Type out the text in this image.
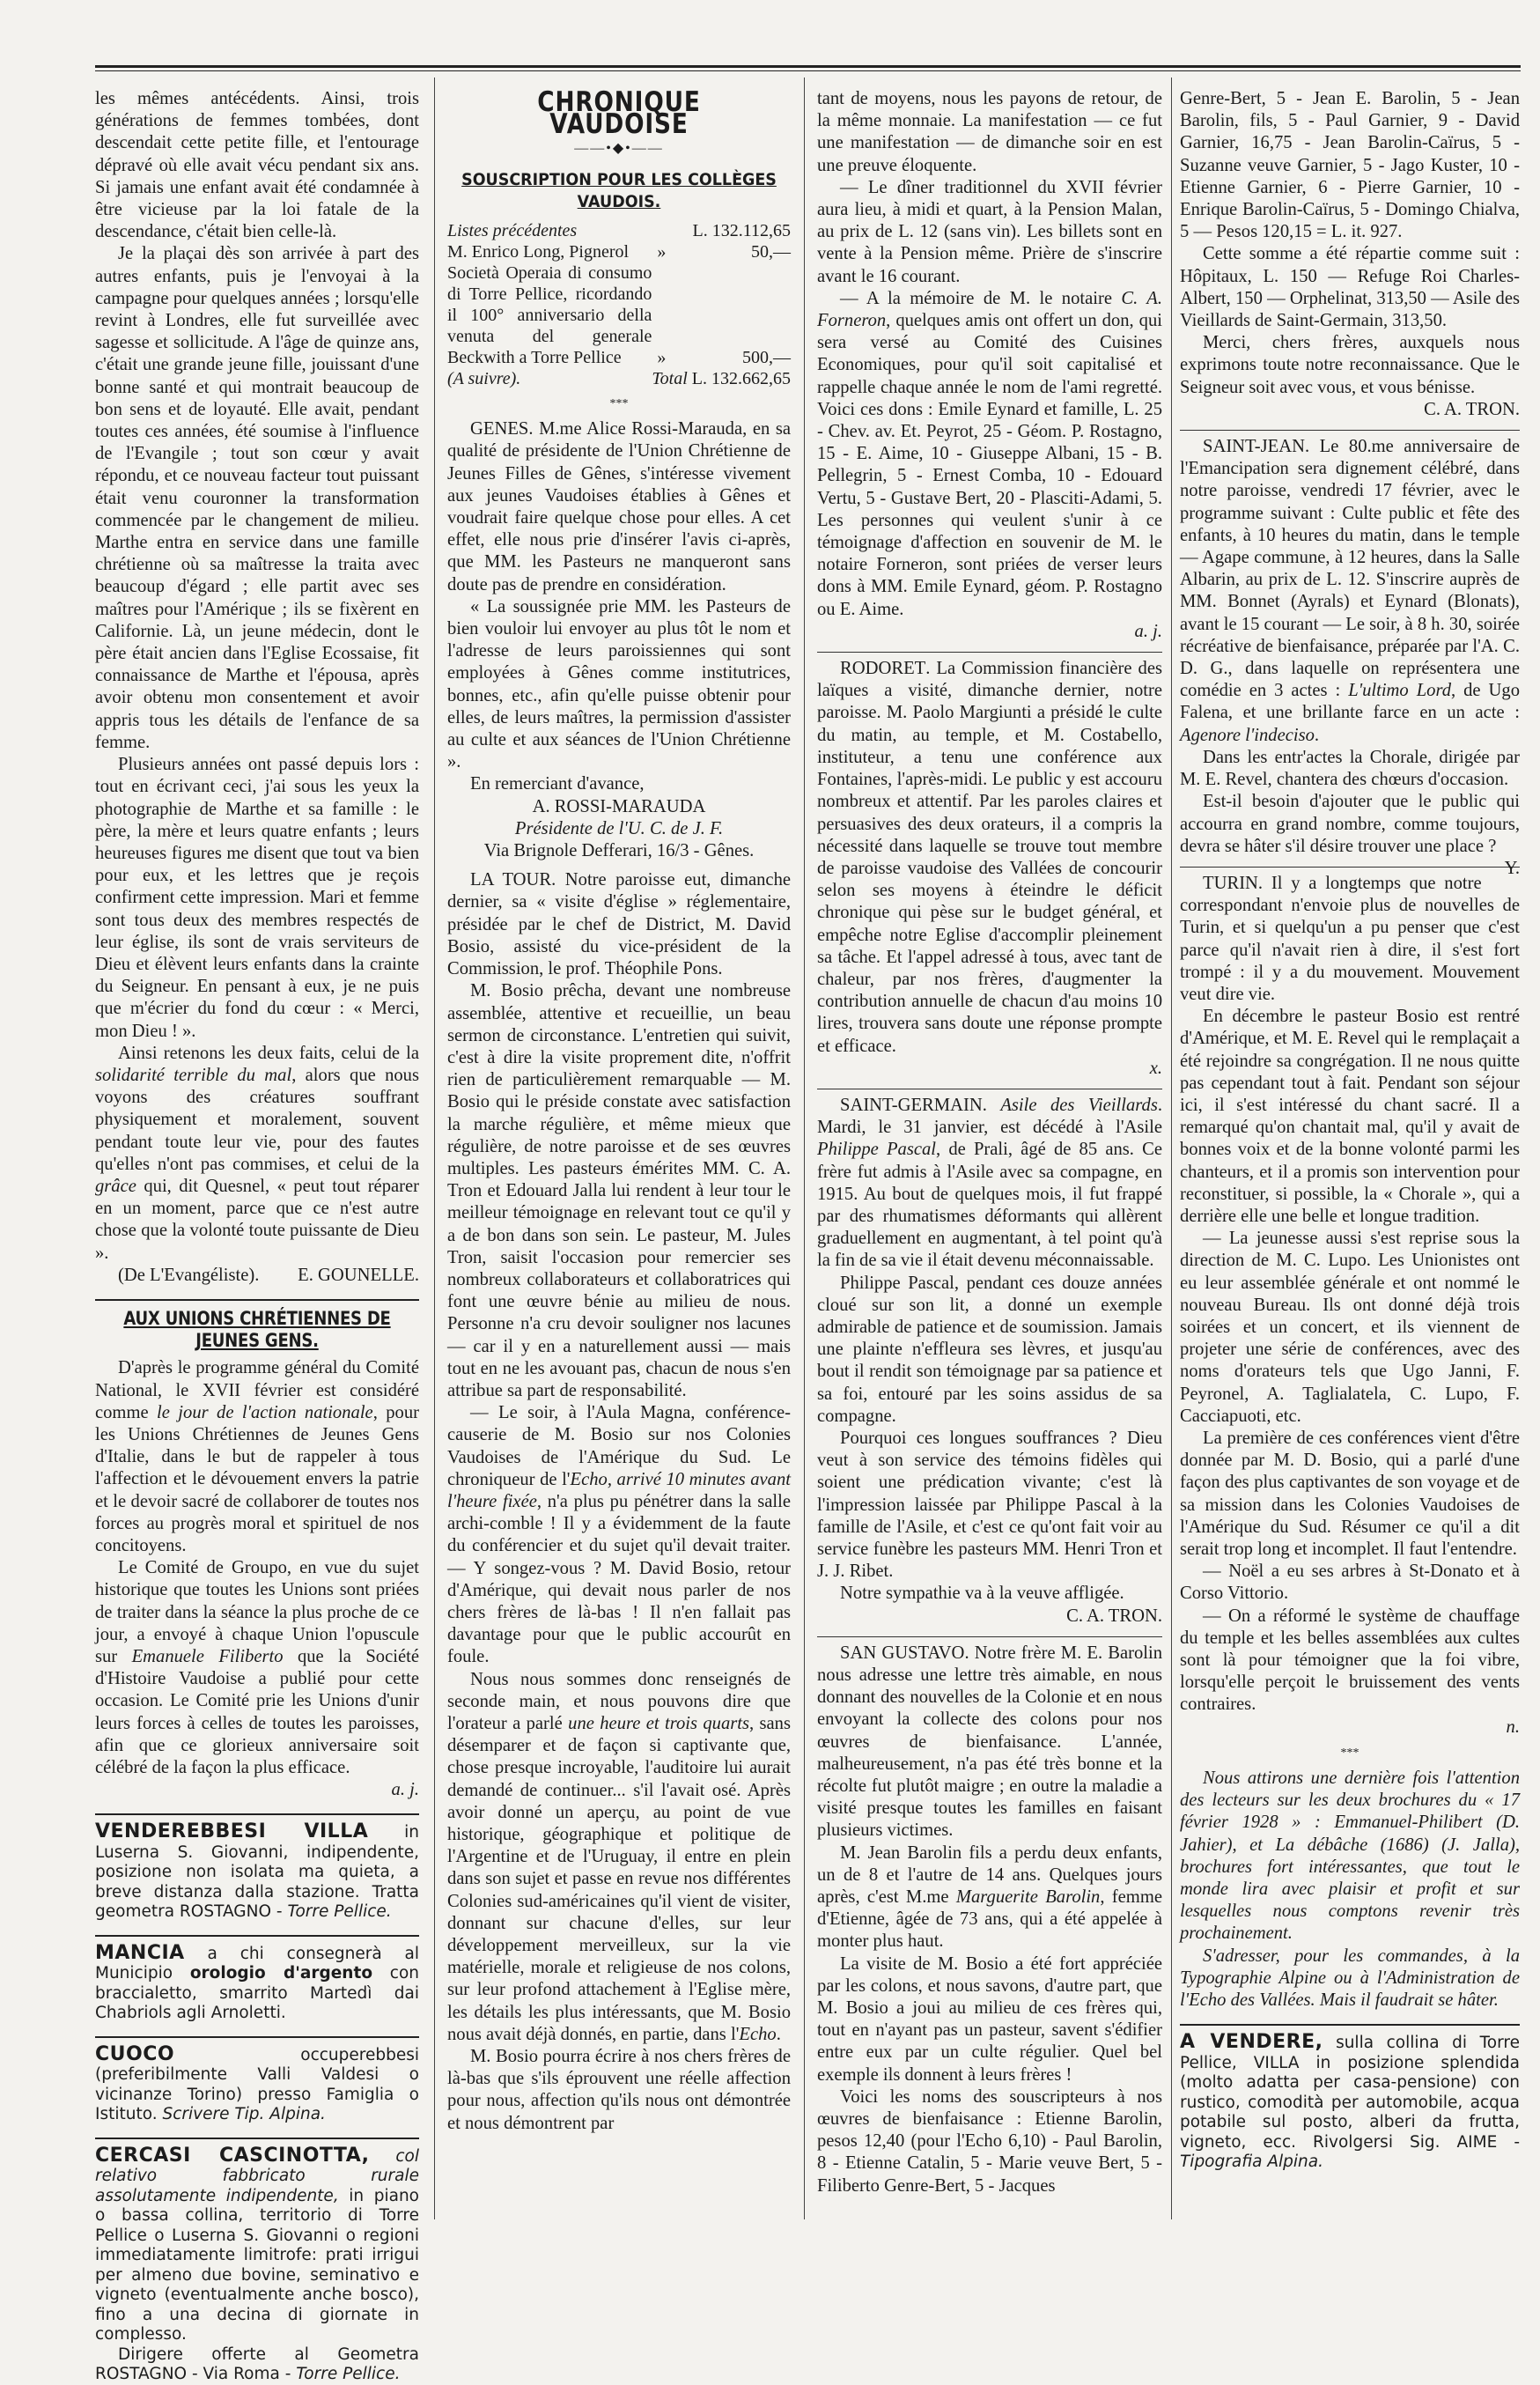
les mêmes antécédents. Ainsi, trois générations de femmes tombées, dont descendait cette petite fille, et l'entourage dépravé où elle avait vécu pendant six ans. Si jamais une enfant avait été condamnée à être vicieuse par la loi fatale de la descendance, c'était bien celle-là.

Je la plaçai dès son arrivée à part des autres enfants, puis je l'envoyai à la campagne pour quelques années ; lorsqu'elle revint à Londres, elle fut surveillée avec sagesse et sollicitude. A l'âge de quinze ans, c'était une grande jeune fille, jouissant d'une bonne santé et qui montrait beaucoup de bon sens et de loyauté. Elle avait, pendant toutes ces années, été soumise à l'influence de l'Evangile ; tout son cœur y avait répondu, et ce nouveau facteur tout puissant était venu couronner la transformation commencée par le changement de milieu. Marthe entra en service dans une famille chrétienne où sa maîtresse la traita avec beaucoup d'égard ; elle partit avec ses maîtres pour l'Amérique ; ils se fixèrent en Californie. Là, un jeune médecin, dont le père était ancien dans l'Eglise Ecossaise, fit connaissance de Marthe et l'épousa, après avoir obtenu mon consentement et avoir appris tous les détails de l'enfance de sa femme.

Plusieurs années ont passé depuis lors : tout en écrivant ceci, j'ai sous les yeux la photographie de Marthe et sa famille : le père, la mère et leurs quatre enfants ; leurs heureuses figures me disent que tout va bien pour eux, et les lettres que je reçois confirment cette impression. Mari et femme sont tous deux des membres respectés de leur église, ils sont de vrais serviteurs de Dieu et élèvent leurs enfants dans la crainte du Seigneur. En pensant à eux, je ne puis que m'écrier du fond du cœur : « Merci, mon Dieu ! ».

Ainsi retenons les deux faits, celui de la solidarité terrible du mal, alors que nous voyons des créatures souffrant physiquement et moralement, souvent pendant toute leur vie, pour des fautes qu'elles n'ont pas commises, et celui de la grâce qui, dit Quesnel, « peut tout réparer en un moment, parce que ce n'est autre chose que la volonté toute puissante de Dieu ».

(De L'Evangéliste).	E. GOUNELLE.

AUX UNIONS CHRÉTIENNES DE JEUNES GENS.

D'après le programme général du Comité National, le XVII février est considéré comme le jour de l'action nationale, pour les Unions Chrétiennes de Jeunes Gens d'Italie, dans le but de rappeler à tous l'affection et le dévouement envers la patrie et le devoir sacré de collaborer de toutes nos forces au progrès moral et spirituel de nos concitoyens.

Le Comité de Groupo, en vue du sujet historique que toutes les Unions sont priées de traiter dans la séance la plus proche de ce jour, a envoyé à chaque Union l'opuscule sur Emanuele Filiberto que la Société d'Histoire Vaudoise a publié pour cette occasion. Le Comité prie les Unions d'unir leurs forces à celles de toutes les paroisses, afin que ce glorieux anniversaire soit célébré de la façon la plus efficace.

a. j.

VENDEREBBESI VILLA in Luserna S. Giovanni, indipendente, posizione non isolata ma quieta, a breve distanza dalla stazione. Tratta geometra ROSTAGNO - Torre Pellice.

MANCIA a chi consegnerà al Municipio orologio d'argento con braccialetto, smarrito Martedì dai Chabriols agli Arnoletti.

CUOCO occuperebbesi (preferibilmente Valli Valdesi o vicinanze Torino) presso Famiglia o Istituto. Scrivere Tip. Alpina.

CERCASI CASCINOTTA, col relativo fabbricato rurale assolutamente indipendente, in piano o bassa collina, territorio di Torre Pellice o Luserna S. Giovanni o regioni immediatamente limitrofe: prati irrigui per almeno due bovine, seminativo e vigneto (eventualmente anche bosco), fino a una decina di giornate in complesso.

Dirigere offerte al Geometra ROSTAGNO - Via Roma - Torre Pellice.

CHRONIQUE VAUDOISE

——•◆•——

SOUSCRIPTION POUR LES COLLÈGES VAUDOIS.

Listes précédentes		L. 132.112,65
M. Enrico Long, Pignerol	»	50,—
Società Operaia di consumo di Torre Pellice, ricordando il 100° anniversario della venuta del generale Beckwith a Torre Pellice	»	500,—
(A suivre).	Total L. 132.662,65	

***

GENES. M.me Alice Rossi-Marauda, en sa qualité de présidente de l'Union Chrétienne de Jeunes Filles de Gênes, s'intéresse vivement aux jeunes Vaudoises établies à Gênes et voudrait faire quelque chose pour elles. A cet effet, elle nous prie d'insérer l'avis ci-après, que MM. les Pasteurs ne manqueront sans doute pas de prendre en considération.

« La soussignée prie MM. les Pasteurs de bien vouloir lui envoyer au plus tôt le nom et l'adresse de leurs paroissiennes qui sont employées à Gênes comme institutrices, bonnes, etc., afin qu'elle puisse obtenir pour elles, de leurs maîtres, la permission d'assister au culte et aux séances de l'Union Chrétienne ».

En remerciant d'avance,

A. ROSSI-MARAUDA

Présidente de l'U. C. de J. F.

Via Brignole Defferari, 16/3 - Gênes.

LA TOUR. Notre paroisse eut, dimanche dernier, sa « visite d'église » réglementaire, présidée par le chef de District, M. David Bosio, assisté du vice-président de la Commission, le prof. Théophile Pons.

M. Bosio prêcha, devant une nombreuse assemblée, attentive et recueillie, un beau sermon de circonstance. L'entretien qui suivit, c'est à dire la visite proprement dite, n'offrit rien de particulièrement remarquable — M. Bosio qui le préside constate avec satisfaction la marche régulière, et même mieux que régulière, de notre paroisse et de ses œuvres multiples. Les pasteurs émérites MM. C. A. Tron et Edouard Jalla lui rendent à leur tour le meilleur témoignage en relevant tout ce qu'il y a de bon dans son sein. Le pasteur, M. Jules Tron, saisit l'occasion pour remercier ses nombreux collaborateurs et collaboratrices qui font une œuvre bénie au milieu de nous. Personne n'a cru devoir souligner nos lacunes — car il y en a naturellement aussi — mais tout en ne les avouant pas, chacun de nous s'en attribue sa part de responsabilité.

— Le soir, à l'Aula Magna, conférence-causerie de M. Bosio sur nos Colonies Vaudoises de l'Amérique du Sud. Le chroniqueur de l'Echo, arrivé 10 minutes avant l'heure fixée, n'a plus pu pénétrer dans la salle archi-comble ! Il y a évidemment de la faute du conférencier et du sujet qu'il devait traiter. — Y songez-vous ? M. David Bosio, retour d'Amérique, qui devait nous parler de nos chers frères de là-bas ! Il n'en fallait pas davantage pour que le public accourût en foule.

Nous nous sommes donc renseignés de seconde main, et nous pouvons dire que l'orateur a parlé une heure et trois quarts, sans désemparer et de façon si captivante que, chose presque incroyable, l'auditoire lui aurait demandé de continuer... s'il l'avait osé. Après avoir donné un aperçu, au point de vue historique, géographique et politique de l'Argentine et de l'Uruguay, il entre en plein dans son sujet et passe en revue nos différentes Colonies sud-américaines qu'il vient de visiter, donnant sur chacune d'elles, sur leur développement merveilleux, sur la vie matérielle, morale et religieuse de nos colons, sur leur profond attachement à l'Eglise mère, les détails les plus intéressants, que M. Bosio nous avait déjà donnés, en partie, dans l'Echo.

M. Bosio pourra écrire à nos chers frères de là-bas que s'ils éprouvent une réelle affection pour nous, affection qu'ils nous ont démontrée et nous démontrent par

tant de moyens, nous les payons de retour, de la même monnaie. La manifestation — ce fut une manifestation — de dimanche soir en est une preuve éloquente.

— Le dîner traditionnel du XVII février aura lieu, à midi et quart, à la Pension Malan, au prix de L. 12 (sans vin). Les billets sont en vente à la Pension même. Prière de s'inscrire avant le 16 courant.

— A la mémoire de M. le notaire C. A. Forneron, quelques amis ont offert un don, qui sera versé au Comité des Cuisines Economiques, pour qu'il soit capitalisé et rappelle chaque année le nom de l'ami regretté. Voici ces dons : Emile Eynard et famille, L. 25 - Chev. av. Et. Peyrot, 25 - Géom. P. Rostagno, 15 - E. Aime, 10 - Giuseppe Albani, 15 - B. Pellegrin, 5 - Ernest Comba, 10 - Edouard Vertu, 5 - Gustave Bert, 20 - Plasciti-Adami, 5. Les personnes qui veulent s'unir à ce témoignage d'affection en souvenir de M. le notaire Forneron, sont priées de verser leurs dons à MM. Emile Eynard, géom. P. Rostagno ou E. Aime.

a. j.

RODORET. La Commission financière des laïques a visité, dimanche dernier, notre paroisse. M. Paolo Margiunti a présidé le culte du matin, au temple, et M. Costabello, instituteur, a tenu une conférence aux Fontaines, l'après-midi. Le public y est accouru nombreux et attentif. Par les paroles claires et persuasives des deux orateurs, il a compris la nécessité dans laquelle se trouve tout membre de paroisse vaudoise des Vallées de concourir selon ses moyens à éteindre le déficit chronique qui pèse sur le budget général, et empêche notre Eglise d'accomplir pleinement sa tâche. Et l'appel adressé à tous, avec tant de chaleur, par nos frères, d'augmenter la contribution annuelle de chacun d'au moins 10 lires, trouvera sans doute une réponse prompte et efficace.

x.

SAINT-GERMAIN. Asile des Vieillards. Mardi, le 31 janvier, est décédé à l'Asile Philippe Pascal, de Prali, âgé de 85 ans. Ce frère fut admis à l'Asile avec sa compagne, en 1915. Au bout de quelques mois, il fut frappé par des rhumatismes déformants qui allèrent graduellement en augmentant, à tel point qu'à la fin de sa vie il était devenu méconnaissable.

Philippe Pascal, pendant ces douze années cloué sur son lit, a donné un exemple admirable de patience et de soumission. Jamais une plainte n'effleura ses lèvres, et jusqu'au bout il rendit son témoignage par sa patience et sa foi, entouré par les soins assidus de sa compagne.

Pourquoi ces longues souffrances ? Dieu veut à son service des témoins fidèles qui soient une prédication vivante; c'est là l'impression laissée par Philippe Pascal à la famille de l'Asile, et c'est ce qu'ont fait voir au service funèbre les pasteurs MM. Henri Tron et J. J. Ribet.

Notre sympathie va à la veuve affligée.

C. A. TRON.

SAN GUSTAVO. Notre frère M. E. Barolin nous adresse une lettre très aimable, en nous donnant des nouvelles de la Colonie et en nous envoyant la collecte des colons pour nos œuvres de bienfaisance. L'année, malheureusement, n'a pas été très bonne et la récolte fut plutôt maigre ; en outre la maladie a visité presque toutes les familles en faisant plusieurs victimes.

M. Jean Barolin fils a perdu deux enfants, un de 8 et l'autre de 14 ans. Quelques jours après, c'est M.me Marguerite Barolin, femme d'Etienne, âgée de 73 ans, qui a été appelée à monter plus haut.

La visite de M. Bosio a été fort appréciée par les colons, et nous savons, d'autre part, que M. Bosio a joui au milieu de ces frères qui, tout en n'ayant pas un pasteur, savent s'édifier entre eux par un culte régulier. Quel bel exemple ils donnent à leurs frères !

Voici les noms des souscripteurs à nos œuvres de bienfaisance : Etienne Barolin, pesos 12,40 (pour l'Echo 6,10) - Paul Barolin, 8 - Etienne Catalin, 5 - Marie veuve Bert, 5 - Filiberto Genre-Bert, 5 - Jacques

Genre-Bert, 5 - Jean E. Barolin, 5 - Jean Barolin, fils, 5 - Paul Garnier, 9 - David Garnier, 16,75 - Jean Barolin-Caïrus, 5 - Suzanne veuve Garnier, 5 - Jago Kuster, 10 - Etienne Garnier, 6 - Pierre Garnier, 10 - Enrique Barolin-Caïrus, 5 - Domingo Chialva, 5 — Pesos 120,15 = L. it. 927.

Cette somme a été répartie comme suit : Hôpitaux, L. 150 — Refuge Roi Charles-Albert, 150 — Orphelinat, 313,50 — Asile des Vieillards de Saint-Germain, 313,50.

Merci, chers frères, auxquels nous exprimons toute notre reconnaissance. Que le Seigneur soit avec vous, et vous bénisse.

C. A. TRON.

SAINT-JEAN. Le 80.me anniversaire de l'Emancipation sera dignement célébré, dans notre paroisse, vendredi 17 février, avec le programme suivant : Culte public et fête des enfants, à 10 heures du matin, dans le temple — Agape commune, à 12 heures, dans la Salle Albarin, au prix de L. 12. S'inscrire auprès de MM. Bonnet (Ayrals) et Eynard (Blonats), avant le 15 courant — Le soir, à 8 h. 30, soirée récréative de bienfaisance, préparée par l'A. C. D. G., dans laquelle on représentera une comédie en 3 actes : L'ultimo Lord, de Ugo Falena, et une brillante farce en un acte : Agenore l'indeciso.

Dans les entr'actes la Chorale, dirigée par M. E. Revel, chantera des chœurs d'occasion.

Est-il besoin d'ajouter que le public qui accourra en grand nombre, comme toujours, devra se hâter s'il désire trouver une place ?
Y.

TURIN. Il y a longtemps que notre correspondant n'envoie plus de nouvelles de Turin, et si quelqu'un a pu penser que c'est parce qu'il n'avait rien à dire, il s'est fort trompé : il y a du mouvement. Mouvement veut dire vie.

En décembre le pasteur Bosio est rentré d'Amérique, et M. E. Revel qui le remplaçait a été rejoindre sa congrégation. Il ne nous quitte pas cependant tout à fait. Pendant son séjour ici, il s'est intéressé du chant sacré. Il a remarqué qu'on chantait mal, qu'il y avait de bonnes voix et de la bonne volonté parmi les chanteurs, et il a promis son intervention pour reconstituer, si possible, la « Chorale », qui a derrière elle une belle et longue tradition.

— La jeunesse aussi s'est reprise sous la direction de M. C. Lupo. Les Unionistes ont eu leur assemblée générale et ont nommé le nouveau Bureau. Ils ont donné déjà trois soirées et un concert, et ils viennent de projeter une série de conférences, avec des noms d'orateurs tels que Ugo Janni, F. Peyronel, A. Taglialatela, C. Lupo, F. Cacciapuoti, etc.

La première de ces conférences vient d'être donnée par M. D. Bosio, qui a parlé d'une façon des plus captivantes de son voyage et de sa mission dans les Colonies Vaudoises de l'Amérique du Sud. Résumer ce qu'il a dit serait trop long et incomplet. Il faut l'entendre.

— Noël a eu ses arbres à St-Donato et à Corso Vittorio.

— On a réformé le système de chauffage du temple et les belles assemblées aux cultes sont là pour témoigner que la foi vibre, lorsqu'elle perçoit le bruissement des vents contraires.

n.

***

Nous attirons une dernière fois l'attention des lecteurs sur les deux brochures du « 17 février 1928 » : Emmanuel-Philibert (D. Jahier), et La débâche (1686) (J. Jalla), brochures fort intéressantes, que tout le monde lira avec plaisir et profit et sur lesquelles nous comptons revenir très prochainement.

S'adresser, pour les commandes, à la Typographie Alpine ou à l'Administration de l'Echo des Vallées. Mais il faudrait se hâter.

A VENDERE, sulla collina di Torre Pellice, VILLA in posizione splendida (molto adatta per casa-pensione) con rustico, comodità per automobile, acqua potabile sul posto, alberi da frutta, vigneto, ecc. Rivolgersi Sig. AIME - Tipografia Alpina.
